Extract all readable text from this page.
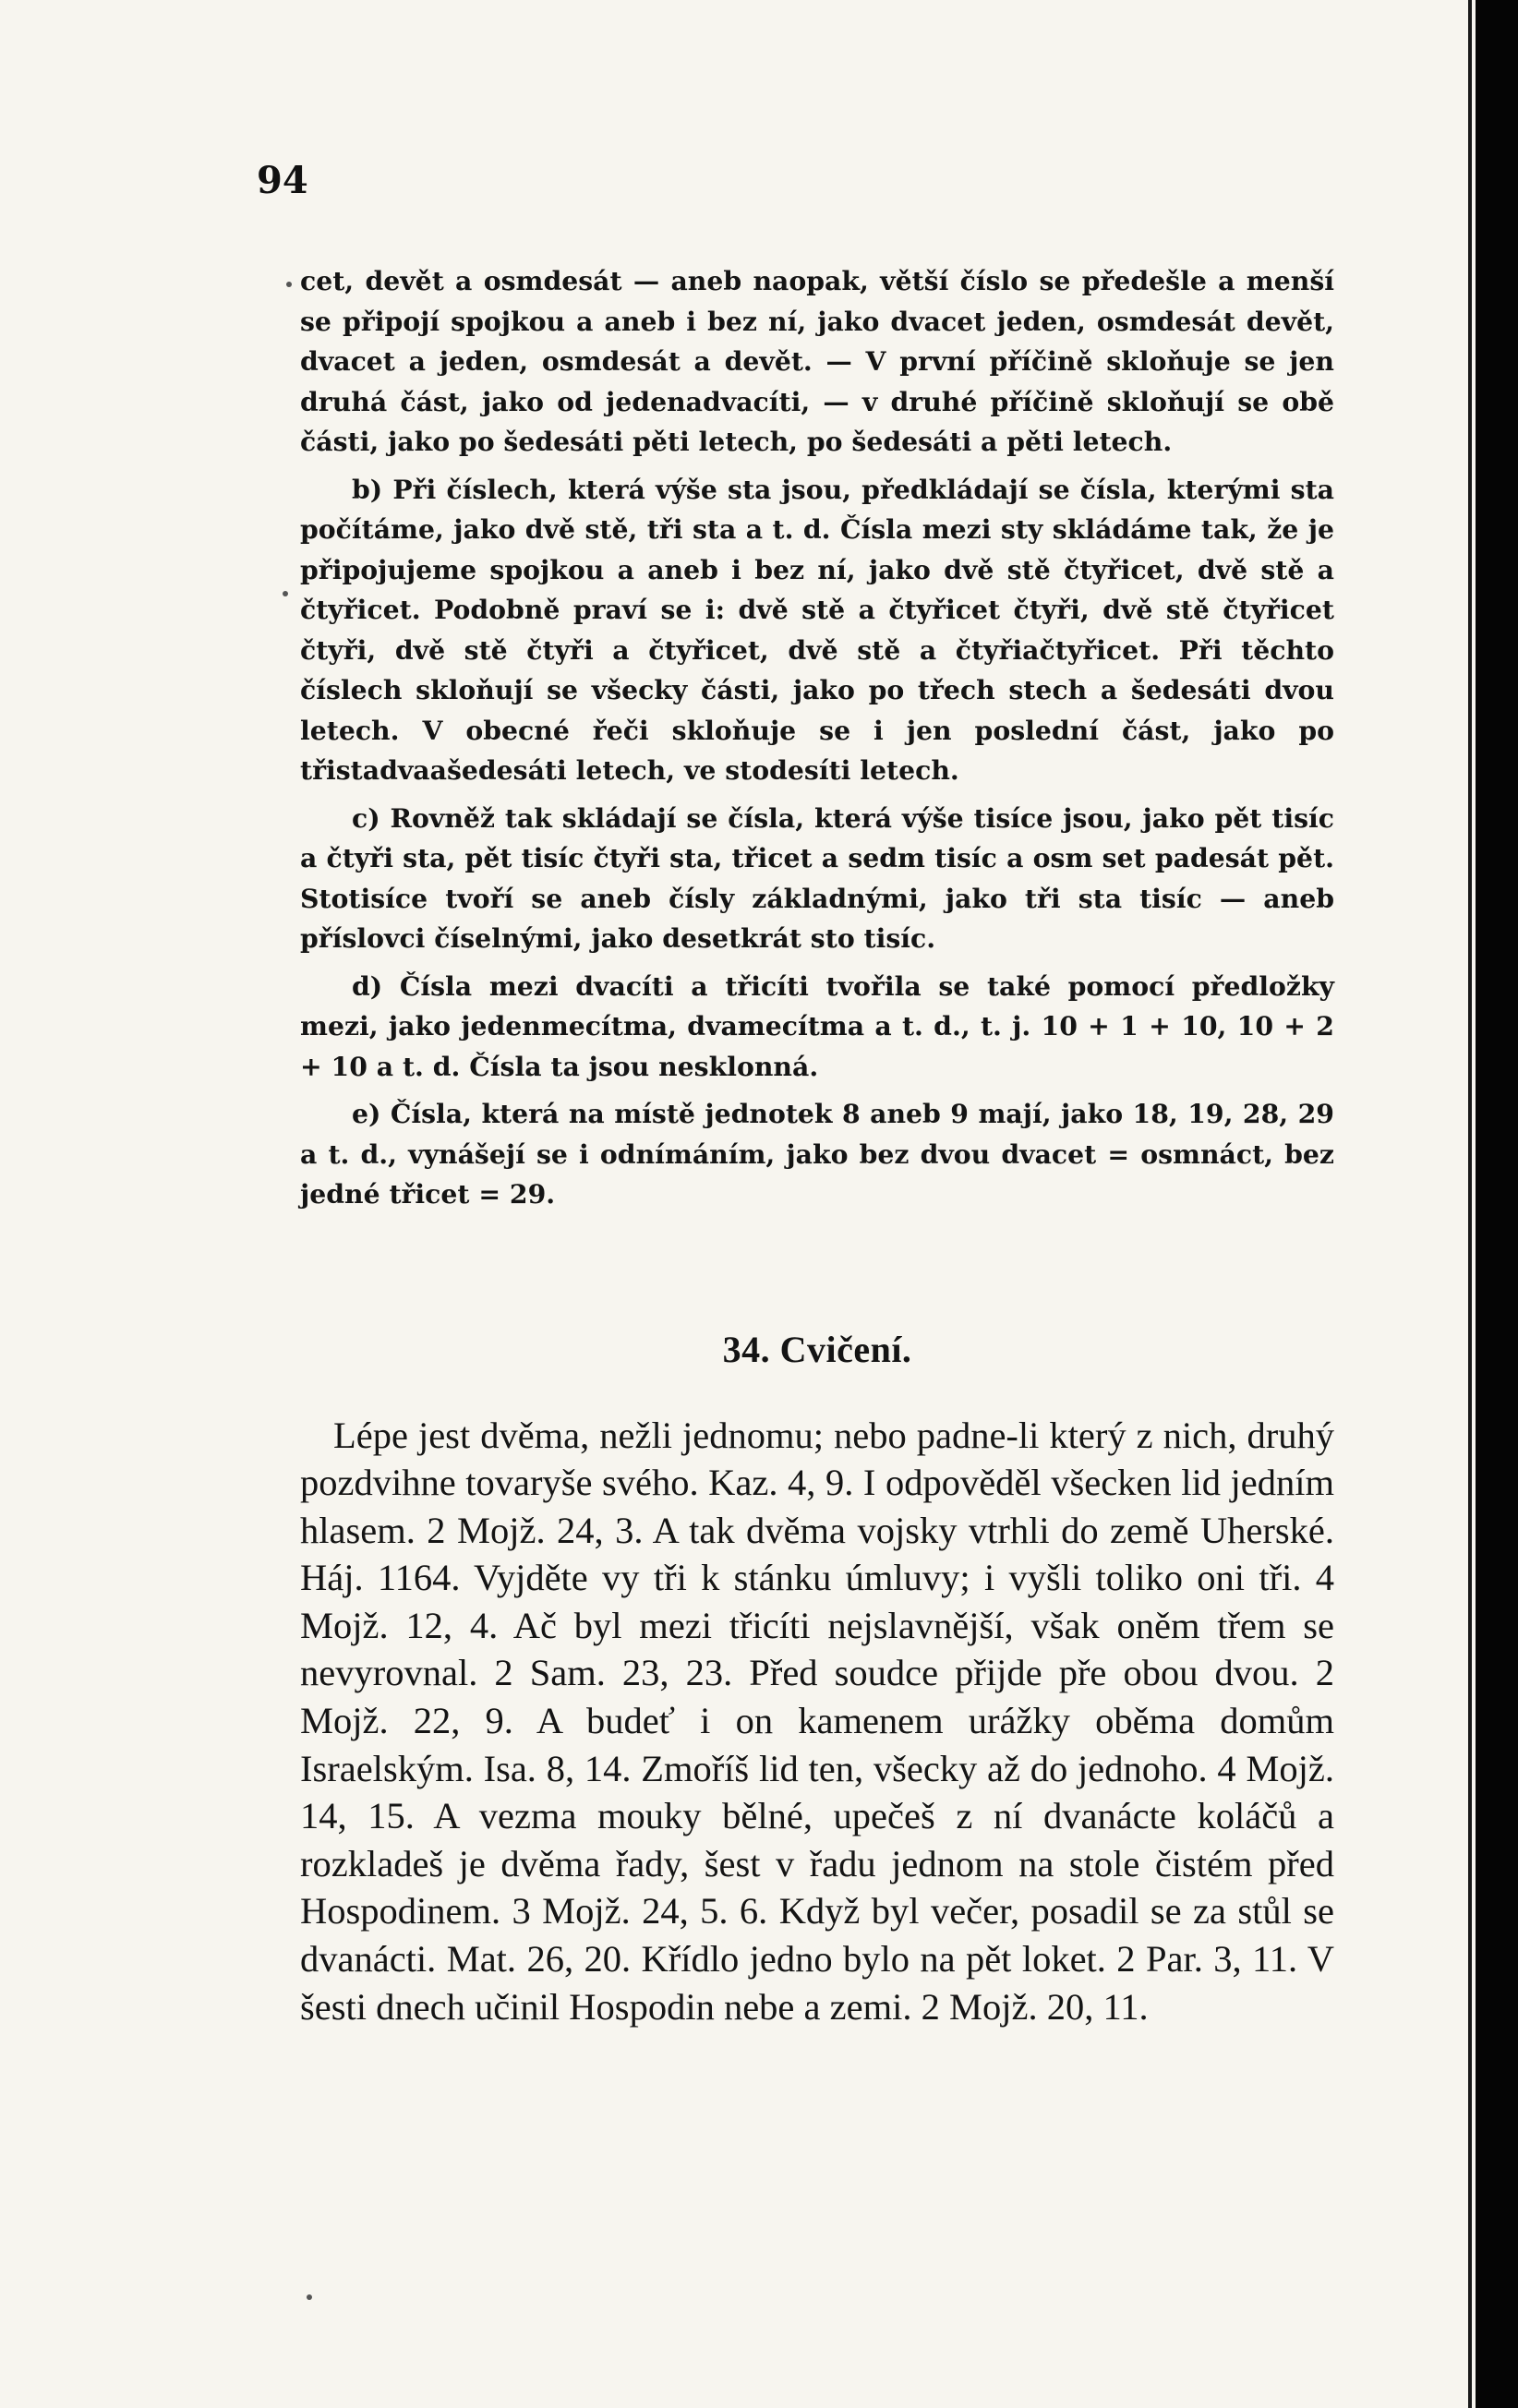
94

cet, devět a osmdesát — aneb naopak, větší číslo se předešle a menší se připojí spojkou a aneb i bez ní, jako dvacet jeden, osmdesát devět, dvacet a jeden, osmdesát a devět. — V první příčině skloňuje se jen druhá část, jako od jedenadvacíti, — v druhé příčině skloňují se obě části, jako po šedesáti pěti letech, po šedesáti a pěti letech.

b) Při číslech, která výše sta jsou, předkládají se čísla, kterými sta počítáme, jako dvě stě, tři sta a t. d. Čísla mezi sty skládáme tak, že je připojujeme spojkou a aneb i bez ní, jako dvě stě čtyřicet, dvě stě a čtyřicet. Podobně praví se i: dvě stě a čtyřicet čtyři, dvě stě čtyřicet čtyři, dvě stě čtyři a čtyřicet, dvě stě a čtyřiačtyřicet. Při těchto číslech skloňují se všecky části, jako po třech stech a šedesáti dvou letech. V obecné řeči skloňuje se i jen poslední část, jako po třistadvaašedesáti letech, ve stodesíti letech.

c) Rovněž tak skládají se čísla, která výše tisíce jsou, jako pět tisíc a čtyři sta, pět tisíc čtyři sta, třicet a sedm tisíc a osm set padesát pět. Stotisíce tvoří se aneb čísly základnými, jako tři sta tisíc — aneb příslovci číselnými, jako desetkrát sto tisíc.

d) Čísla mezi dvacíti a třicíti tvořila se také pomocí předložky mezi, jako jedenmecítma, dvamecítma a t. d., t. j. 10 + 1 + 10, 10 + 2 + 10 a t. d. Čísla ta jsou nesklonná.

e) Čísla, která na místě jednotek 8 aneb 9 mají, jako 18, 19, 28, 29 a t. d., vynášejí se i odnímáním, jako bez dvou dvacet = osmnáct, bez jedné třicet = 29.

34. Cvičení.

Lépe jest dvěma, nežli jednomu; nebo padne-li který z nich, druhý pozdvihne tovaryše svého. Kaz. 4, 9. I odpověděl všecken lid jedním hlasem. 2 Mojž. 24, 3. A tak dvěma vojsky vtrhli do země Uherské. Háj. 1164. Vyjděte vy tři k stánku úmluvy; i vyšli toliko oni tři. 4 Mojž. 12, 4. Ač byl mezi třicíti nejslavnější, však oněm třem se nevyrovnal. 2 Sam. 23, 23. Před soudce přijde pře obou dvou. 2 Mojž. 22, 9. A budeť i on kamenem urážky oběma domům Israelským. Isa. 8, 14. Zmoříš lid ten, všecky až do jednoho. 4 Mojž. 14, 15. A vezma mouky bělné, upečeš z ní dvanácte koláčů a rozkladeš je dvěma řady, šest v řadu jednom na stole čistém před Hospodinem. 3 Mojž. 24, 5. 6. Když byl večer, posadil se za stůl se dvanácti. Mat. 26, 20. Křídlo jedno bylo na pět loket. 2 Par. 3, 11. V šesti dnech učinil Hospodin nebe a zemi. 2 Mojž. 20, 11.
